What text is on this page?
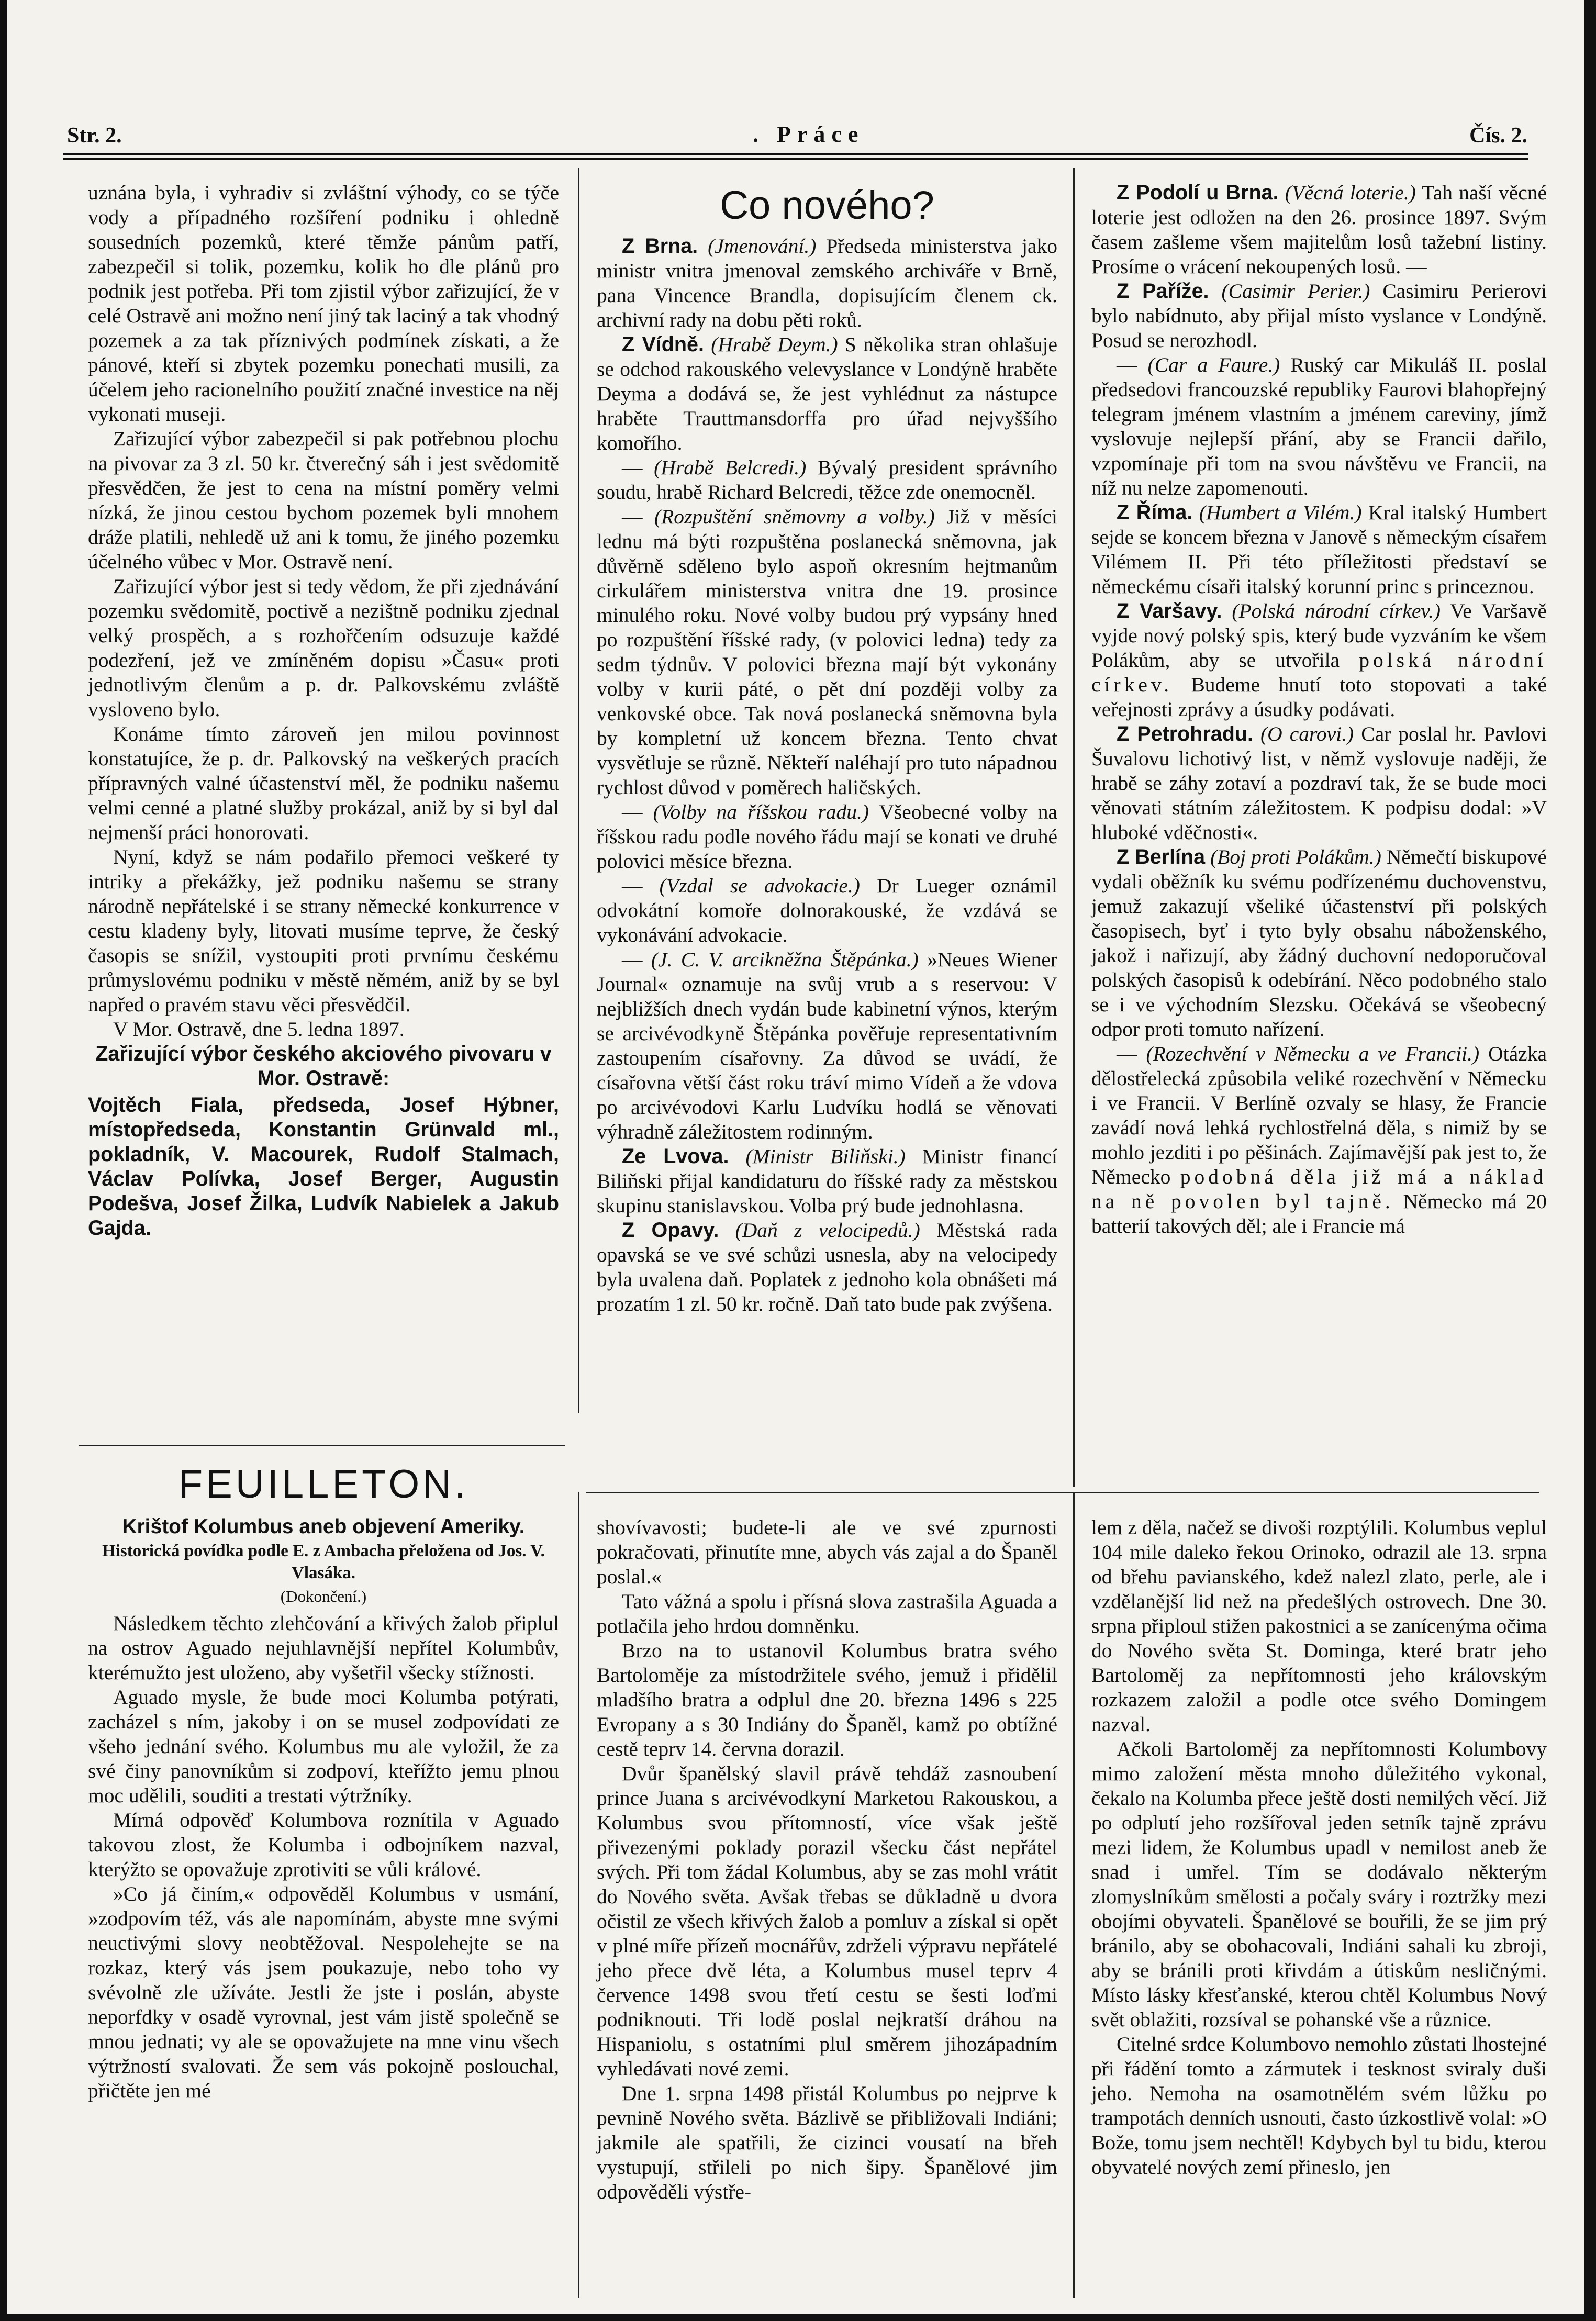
Str. 2.	. Práce	Čís. 2.

uznána byla, i vyhradiv si zvláštní výhody, co se týče vody a případného rozšíření podniku i ohledně sousedních pozemků, které těmže pánům patří, zabezpečil si tolik, pozemku, kolik ho dle plánů pro podnik jest potřeba. Při tom zjistil výbor zařizující, že v celé Ostravě ani možno není jiný tak laciný a tak vhodný pozemek a za tak příznivých podmínek získati, a že pánové, kteří si zbytek pozemku ponechati musili, za účelem jeho racionelního použití značné investice na něj vykonati museji.

Zařizující výbor zabezpečil si pak potřebnou plochu na pivovar za 3 zl. 50 kr. čtverečný sáh i jest svědomitě přesvědčen, že jest to cena na místní poměry velmi nízká, že jinou cestou bychom pozemek byli mnohem dráže platili, nehledě už ani k tomu, že jiného pozemku účelného vůbec v Mor. Ostravě není.

Zařizující výbor jest si tedy vědom, že při zjednávání pozemku svědomitě, poctivě a nezištně podniku zjednal velký prospěch, a s rozhořčením odsuzuje každé podezření, jež ve zmíněném dopisu »Času« proti jednotlivým členům a p. dr. Palkovskému zvláště vysloveno bylo.

Konáme tímto zároveň jen milou povinnost konstatujíce, že p. dr. Palkovský na veškerých pracích přípravných valné účastenství měl, že podniku našemu velmi cenné a platné služby prokázal, aniž by si byl dal nejmenší práci honorovati.

Nyní, když se nám podařilo přemoci veškeré ty intriky a překážky, jež podniku našemu se strany národně nepřátelské i se strany německé konkurrence v cestu kladeny byly, litovati musíme teprve, že český časopis se snížil, vystoupiti proti prvnímu českému průmyslovému podniku v městě němém, aniž by se byl napřed o pravém stavu věci přesvědčil.

V Mor. Ostravě, dne 5. ledna 1897.

Zařizující výbor českého akciového pivovaru v Mor. Ostravě:

Vojtěch Fiala, předseda, Josef Hýbner, místopředseda, Konstantin Grünvald ml., pokladník, V. Macourek, Rudolf Stalmach, Václav Polívka, Josef Berger, Augustin Podešva, Josef Žilka, Ludvík Nabielek a Jakub Gajda.

Co nového?

Z Brna. (Jmenování.) Předseda ministerstva jako ministr vnitra jmenoval zemského archiváře v Brně, pana Vincence Brandla, dopisujícím členem ck. archivní rady na dobu pěti roků.

Z Vídně. (Hrabě Deym.) S několika stran ohlašuje se odchod rakouského velevyslance v Londýně hraběte Deyma a dodává se, že jest vyhlédnut za nástupce hraběte Trauttmansdorffa pro úřad nejvyššího komořího.

— (Hrabě Belcredi.) Bývalý president správního soudu, hrabě Richard Belcredi, těžce zde onemocněl.

— (Rozpuštění sněmovny a volby.) Již v měsíci lednu má býti rozpuštěna poslanecká sněmovna, jak důvěrně sděleno bylo aspoň okresním hejtmanům cirkulářem ministerstva vnitra dne 19. prosince minulého roku. Nové volby budou prý vypsány hned po rozpuštění říšské rady, (v polovici ledna) tedy za sedm týdnův. V polovici března mají být vykonány volby v kurii páté, o pět dní později volby za venkovské obce. Tak nová poslanecká sněmovna byla by kompletní už koncem března. Tento chvat vysvětluje se různě. Někteří naléhají pro tuto nápadnou rychlost důvod v poměrech haličských.

— (Volby na říšskou radu.) Všeobecné volby na říšskou radu podle nového řádu mají se konati ve druhé polovici měsíce března.

— (Vzdal se advokacie.) Dr Lueger oznámil odvokátní komoře dolnorakouské, že vzdává se vykonávání advokacie.

— (J. C. V. arcikněžna Štěpánka.) »Neues Wiener Journal« oznamuje na svůj vrub a s reservou: V nejbližších dnech vydán bude kabinetní výnos, kterým se arcivévodkyně Štěpánka pověřuje representativním zastoupením císařovny. Za důvod se uvádí, že císařovna větší část roku tráví mimo Vídeň a že vdova po arcivévodovi Karlu Ludvíku hodlá se věnovati výhradně záležitostem rodinným.

Ze Lvova. (Ministr Biliňski.) Ministr financí Biliňski přijal kandidaturu do říšské rady za městskou skupinu stanislavskou. Volba prý bude jednohlasna.

Z Opavy. (Daň z velocipedů.) Městská rada opavská se ve své schůzi usnesla, aby na velocipedy byla uvalena daň. Poplatek z jednoho kola obnášeti má prozatím 1 zl. 50 kr. ročně. Daň tato bude pak zvýšena.

Z Podolí u Brna. (Věcná loterie.) Tah naší věcné loterie jest odložen na den 26. prosince 1897. Svým časem zašleme všem majitelům losů tažební listiny. Prosíme o vrácení nekoupených losů. —

Z Paříže. (Casimir Perier.) Casimiru Perierovi bylo nabídnuto, aby přijal místo vyslance v Londýně. Posud se nerozhodl.

— (Car a Faure.) Ruský car Mikuláš II. poslal předsedovi francouzské republiky Faurovi blahopřejný telegram jménem vlastním a jménem careviny, jímž vyslovuje nejlepší přání, aby se Francii dařilo, vzpomínaje při tom na svou návštěvu ve Francii, na níž nu nelze zapomenouti.

Z Říma. (Humbert a Vilém.) Kral italský Humbert sejde se koncem března v Janově s německým císařem Vilémem II. Při této příležitosti představí se německému císaři italský korunní princ s princeznou.

Z Varšavy. (Polská národní církev.) Ve Varšavě vyjde nový polský spis, který bude vyzváním ke všem Polákům, aby se utvořila polská národní církev. Budeme hnutí toto stopovati a také veřejnosti zprávy a úsudky podávati.

Z Petrohradu. (O carovi.) Car poslal hr. Pavlovi Šuvalovu lichotivý list, v němž vyslovuje naději, že hrabě se záhy zotaví a pozdraví tak, že se bude moci věnovati státním záležitostem. K podpisu dodal: »V hluboké vděčnosti«.

Z Berlína (Boj proti Polákům.) Němečtí biskupové vydali oběžník ku svému podřízenému duchovenstvu, jemuž zakazují všeliké účastenství při polských časopisech, byť i tyto byly obsahu náboženského, jakož i nařizují, aby žádný duchovní nedoporučoval polských časopisů k odebírání. Něco podobného stalo se i ve východním Slezsku. Očekává se všeobecný odpor proti tomuto nařízení.

— (Rozechvění v Německu a ve Francii.) Otázka dělostřelecká způsobila veliké rozechvění v Německu i ve Francii. V Berlíně ozvaly se hlasy, že Francie zavádí nová lehká rychlostřelná děla, s nimiž by se mohlo jezditi i po pěšinách. Zajímavější pak jest to, že Německo podobná děla již má a náklad na ně povolen byl tajně. Německo má 20 batterií takových děl; ale i Francie má

FEUILLETON.
Krištof Kolumbus aneb objevení Ameriky.
Historická povídka podle E. z Ambacha přeložena od Jos. V. Vlasáka.
(Dokončení.)

Následkem těchto zlehčování a křivých žalob připlul na ostrov Aguado nejuhlavnější nepřítel Kolumbův, kterémužto jest uloženo, aby vyšetřil všecky stížnosti.

Aguado mysle, že bude moci Kolumba potýrati, zacházel s ním, jakoby i on se musel zodpovídati ze všeho jednání svého. Kolumbus mu ale vyložil, že za své činy panovníkům si zodpoví, kteřížto jemu plnou moc udělili, souditi a trestati výtržníky.

Mírná odpověď Kolumbova roznítila v Aguado takovou zlost, že Kolumba i odbojníkem nazval, kterýžto se opovažuje zprotiviti se vůli králové.

»Co já činím,« odpověděl Kolumbus v usmání, »zodpovím též, vás ale napomínám, abyste mne svými neuctivými slovy neobtěžoval. Nespolehejte se na rozkaz, který vás jsem poukazuje, nebo toho vy svévolně zle užíváte. Jestli že jste i poslán, abyste neporfdky v osadě vyrovnal, jest vám jistě společně se mnou jednati; vy ale se opovažujete na mne vinu všech výtržností svalovati. Že sem vás pokojně poslouchal, přičtěte jen mé

shovívavosti; budete-li ale ve své zpurnosti pokračovati, přinutíte mne, abych vás zajal a do Španěl poslal.«

Tato vážná a spolu i přísná slova zastrašila Aguada a potlačila jeho hrdou domněnku.

Brzo na to ustanovil Kolumbus bratra svého Bartoloměje za místodržitele svého, jemuž i přidělil mladšího bratra a odplul dne 20. března 1496 s 225 Evropany a s 30 Indiány do Španěl, kamž po obtížné cestě teprv 14. června dorazil.

Dvůr španělský slavil právě tehdáž zasnoubení prince Juana s arcivévodkyní Marketou Rakouskou, a Kolumbus svou přítomností, více však ještě přivezenými poklady porazil všecku část nepřátel svých. Při tom žádal Kolumbus, aby se zas mohl vrátit do Nového světa. Avšak třebas se důkladně u dvora očistil ze všech křivých žalob a pomluv a získal si opět v plné míře přízeň mocnářův, zdrželi výpravu nepřátelé jeho přece dvě léta, a Kolumbus musel teprv 4 července 1498 svou třetí cestu se šesti loďmi podniknouti. Tři lodě poslal nejkratší dráhou na Hispaniolu, s ostatními plul směrem jihozápadním vyhledávati nové zemi.

Dne 1. srpna 1498 přistál Kolumbus po nejprve k pevnině Nového světa. Bázlivě se přibližovali Indiáni; jakmile ale spatřili, že cizinci vousatí na břeh vystupují, střileli po nich šipy. Španělové jim odpověděli výstře-

lem z děla, načež se divoši rozptýlili. Kolumbus veplul 104 mile daleko řekou Orinoko, odrazil ale 13. srpna od břehu pavianského, kdež nalezl zlato, perle, ale i vzdělanější lid než na předešlých ostrovech. Dne 30. srpna připloul stižen pakostnici a se zanícenýma očima do Nového světa St. Dominga, které bratr jeho Bartoloměj za nepřítomnosti jeho královským rozkazem založil a podle otce svého Domingem nazval.

Ačkoli Bartoloměj za nepřítomnosti Kolumbovy mimo založení města mnoho důležitého vykonal, čekalo na Kolumba přece ještě dosti nemilých věcí. Již po odplutí jeho rozšířoval jeden setník tajně zprávu mezi lidem, že Kolumbus upadl v nemilost aneb že snad i umřel. Tím se dodávalo některým zlomyslníkům smělosti a počaly sváry i roztržky mezi obojími obyvateli. Španělové se bouřili, že se jim prý bránilo, aby se obohacovali, Indiáni sahali ku zbroji, aby se bránili proti křivdám a útiskům nesličnými. Místo lásky křesťanské, kterou chtěl Kolumbus Nový svět oblažiti, rozsíval se pohanské vše a různice.

Citelné srdce Kolumbovo nemohlo zůstati lhostejné při řádění tomto a zármutek i tesknost sviraly duši jeho. Nemoha na osamotnělém svém lůžku po trampotách denních usnouti, často úzkostlivě volal: »O Bože, tomu jsem nechtěl! Kdybych byl tu bidu, kterou obyvatelé nových zemí přineslo, jen
